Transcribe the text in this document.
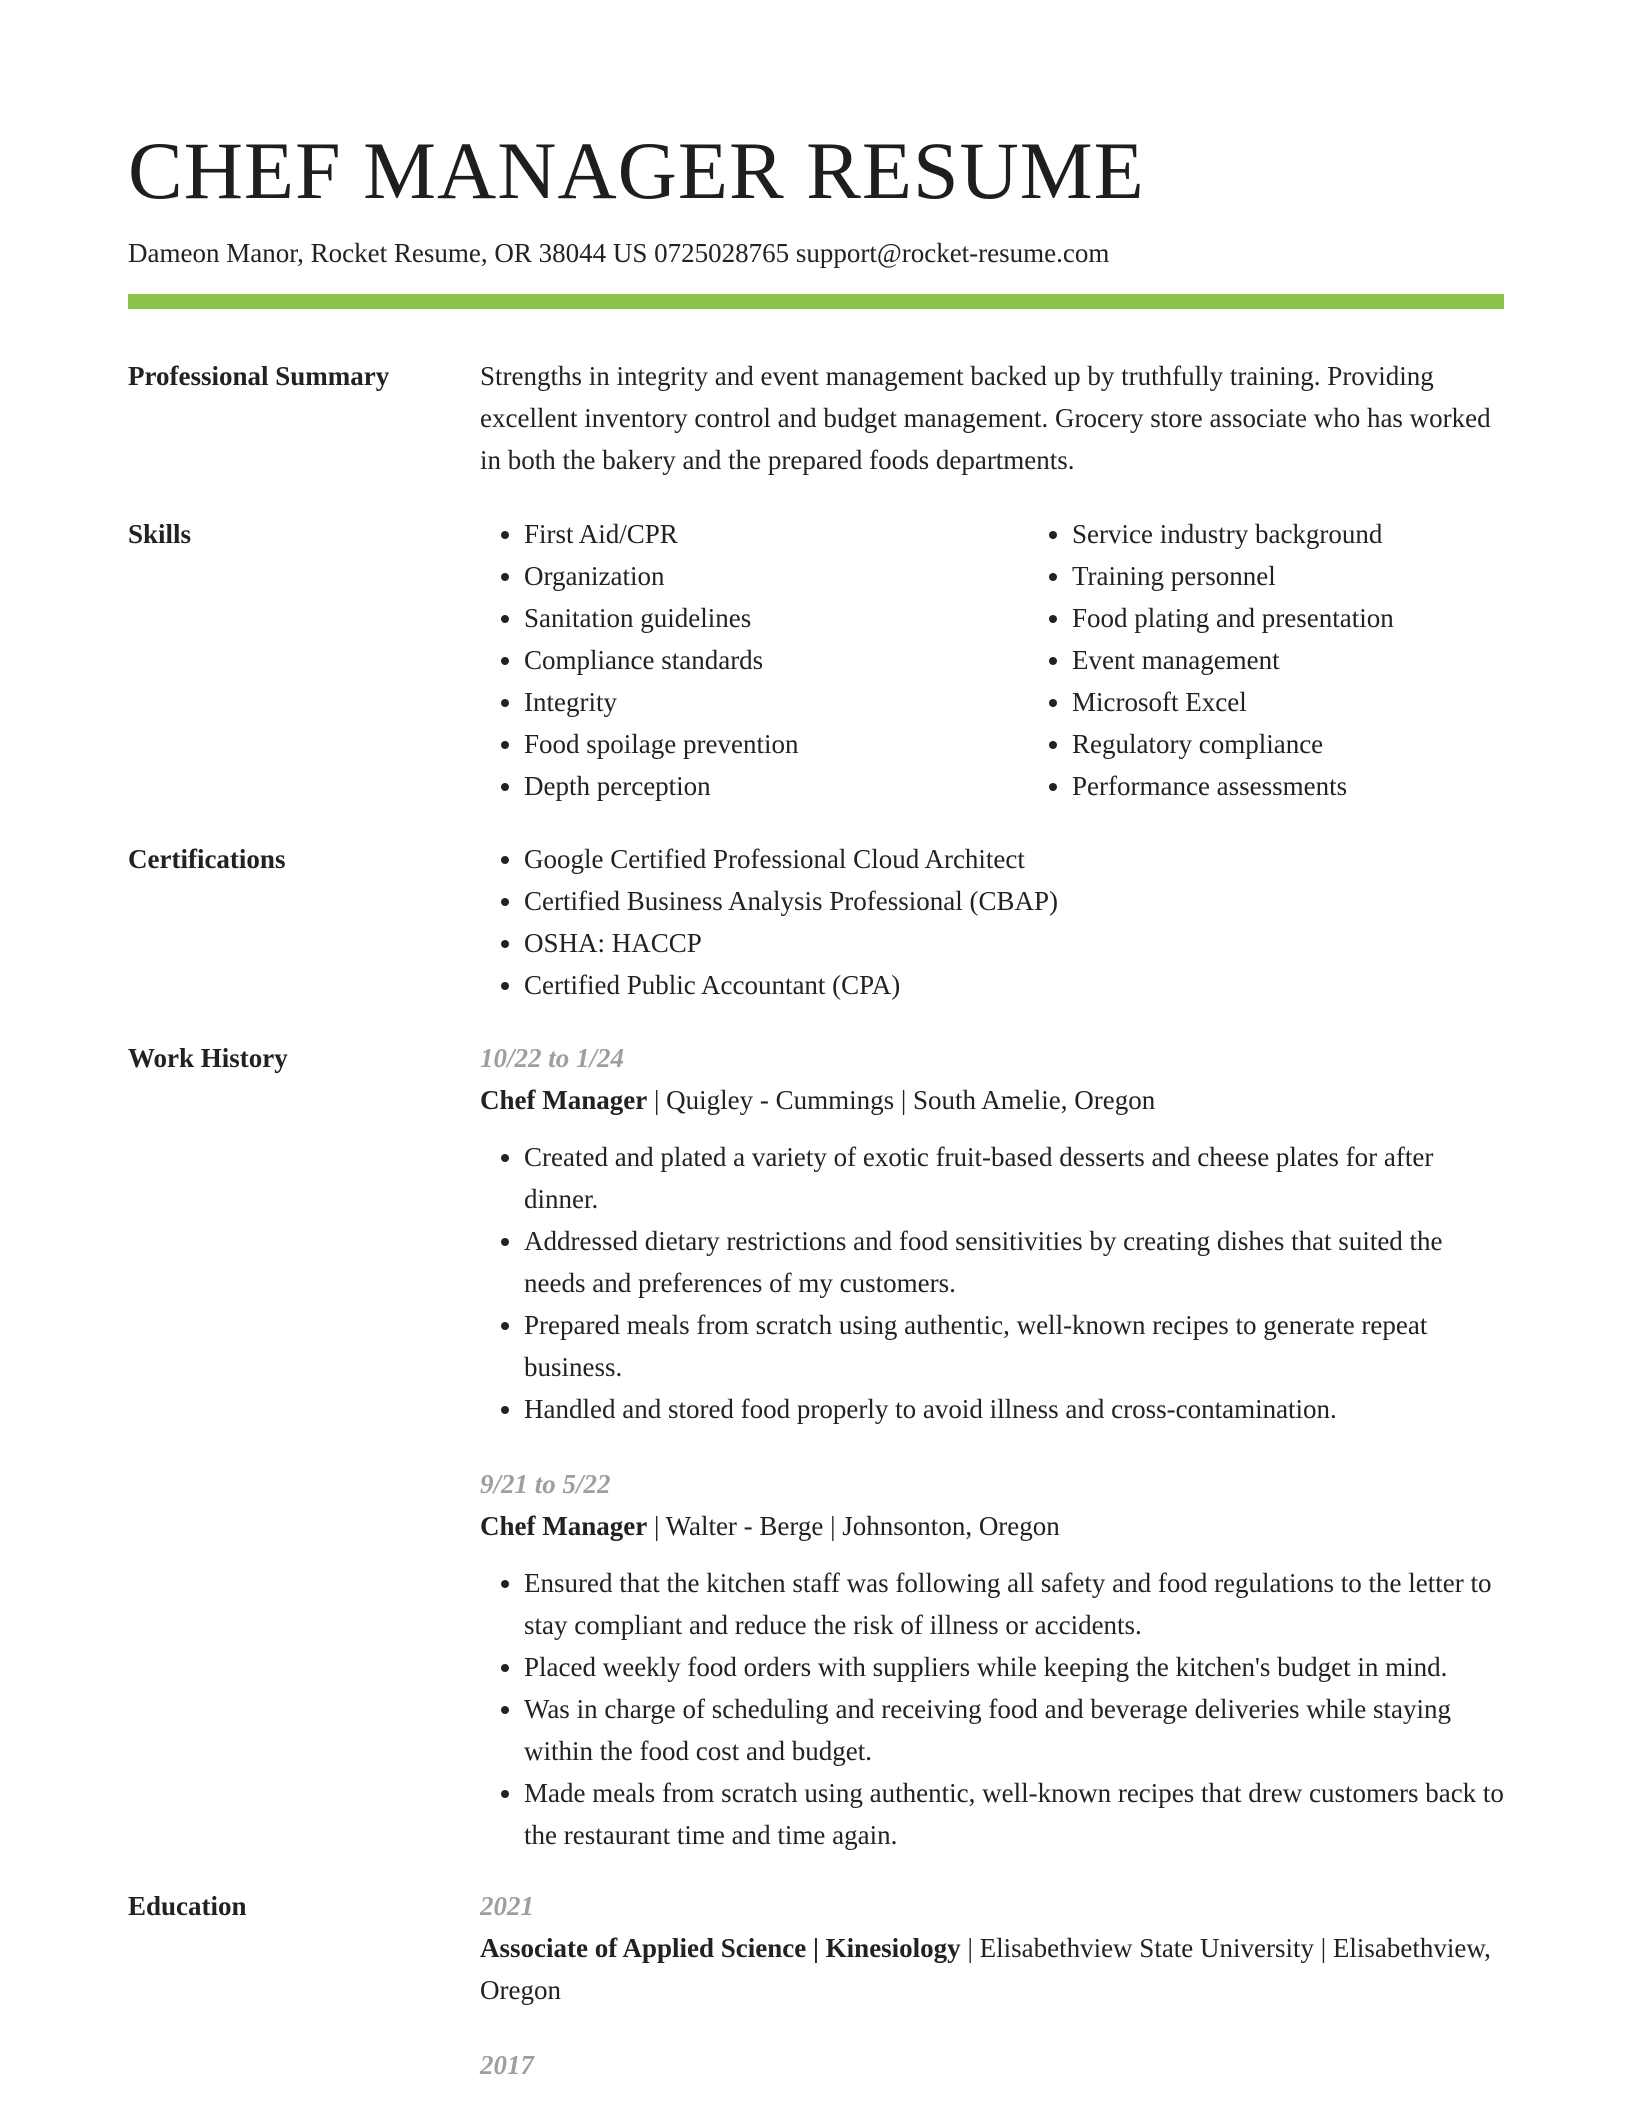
CHEF MANAGER RESUME
Dameon Manor, Rocket Resume, OR 38044 US 0725028765 support@rocket-resume.com
Professional Summary	Strengths in integrity and event management backed up by truthfully training. Providing excellent inventory control and budget management. Grocery store associate who has worked in both the bakery and the prepared foods departments.
Skills	• First Aid/CPR
• Organization
• Sanitation guidelines
• Compliance standards
• Integrity
• Food spoilage prevention
• Depth perception
• Service industry background
• Training personnel
• Food plating and presentation
• Event management
• Microsoft Excel
• Regulatory compliance
• Performance assessments
Certifications	• Google Certified Professional Cloud Architect
• Certified Business Analysis Professional (CBAP)
• OSHA: HACCP
• Certified Public Accountant (CPA)
Work History	10/22 to 1/24
Chef Manager | Quigley - Cummings | South Amelie, Oregon
• Created and plated a variety of exotic fruit-based desserts and cheese plates for after dinner.
• Addressed dietary restrictions and food sensitivities by creating dishes that suited the needs and preferences of my customers.
• Prepared meals from scratch using authentic, well-known recipes to generate repeat business.
• Handled and stored food properly to avoid illness and cross-contamination.
9/21 to 5/22
Chef Manager | Walter - Berge | Johnsonton, Oregon
• Ensured that the kitchen staff was following all safety and food regulations to the letter to stay compliant and reduce the risk of illness or accidents.
• Placed weekly food orders with suppliers while keeping the kitchen's budget in mind.
• Was in charge of scheduling and receiving food and beverage deliveries while staying within the food cost and budget.
• Made meals from scratch using authentic, well-known recipes that drew customers back to the restaurant time and time again.
Education	2021
Associate of Applied Science | Kinesiology | Elisabethview State University | Elisabethview, Oregon
2017
